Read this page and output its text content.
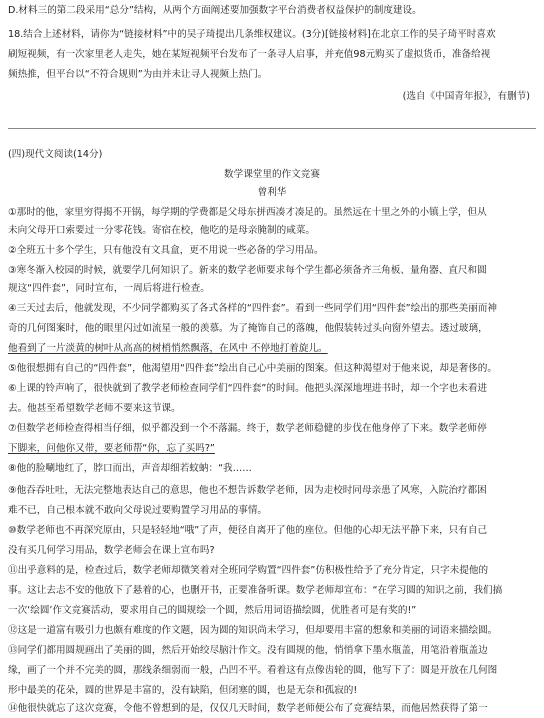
D.材料三的第二段采用“总分”结构，从两个方面阐述要加强数字平台消费者权益保护的制度建设。
18.结合上述材料，请你为“链接材料”中的吴子琦提出几条维权建议。(3分)[链接材料]在北京工作的吴子琦平时喜欢
刷短视频，有一次家里老人走失，她在某短视频平台发布了一条寻人启事，并充值98元购买了虚拟货币，准备给视
频热推，但平台以“不符合规则”为由并未让寻人视频上热门。
(选自《中国青年报》，有删节)
(四)现代文阅读(14分)
数学课堂里的作文竞赛
曾利华
①那时的他，家里穷得揭不开锅，每学期的学费都是父母东拼西凑才凑足的。虽然远在十里之外的小镇上学，但从
未向父母开口索要过一分零花钱。寄宿在校，他吃的是母亲腌制的咸菜。
②全班五十多个学生，只有他没有文具盒，更不用说一些必备的学习用品。
③寒冬渐入校园的时候，就要学几何知识了。新来的数学老师要求每个学生都必须备齐三角板、量角器、直尺和圆
规这“四件套”，同时宣布，一周后将进行检查。
④三天过去后，他就发现，不少同学都购买了各式各样的“四件套”。看到一些同学们用“四件套”绘出的那些美丽而神
奇的几何图案时，他的眼里闪过如流星一般的羡慕。为了掩饰自己的落魄，他假装转过头向窗外望去。透过玻璃，
他看到了一片淡黄的树叶从高高的树梢悄然飘落，在风中 不停地打着旋儿。
⑤他很想拥有自己的“四件套”，他渴望用“四件套”绘出自己心中美丽的图案。但这种渴望对于他来说，却是奢侈的。
⑥上课的铃声响了，很快就到了教学老师检查同学们“四件套”的时间。他把头深深地埋进书时，却一个字也未看进
去。他甚至希望数学老师不要来这节课。
⑦但数学老师检查得相当仔细，似乎都没到一个不落漏。终于，数学老师稳健的步伐在他身停了下来。数学老师停
下脚来，问他你又带，要老师帮“你，忘了买吗?”
⑧他的脸唰地红了，脖口而出，声音却细若蚊蚋：“我……
⑨他吞吞吐吐，无法完整地表达自己的意思，他也不想告诉数学老师，因为走校时同母亲患了风寒，入院治疗都困
难不已，自己根本就不敢向父母说过要购置学习用品的事情。
⑩数学老师也不再深究原由，只是轻轻地“哦”了声，便径自离开了他的座位。但他的心却无法平静下来，只有自己
没有买几何学习用品，数学老师会在课上宣布吗?
⑪出乎意料的是，检查过后，数学老师却微笑着对全班同学购置“四件套”仿积极性给予了充分肯定，只字未提他的
事。这让去忐不安的他放下了悬着的心，也删开书，正要准备听课。数学老师却宣布：“在学习圆的知识之前，我们搞
一次‘绘圆’作文竞赛活动，要求用自己的圆规绘一个圆，然后用词语描绘圆，优胜者可是有奖的!”
⑫这是一道富有吸引力也颇有难度的作文题，因为圆的知识尚未学习，但却要用丰富的想象和美丽的词语来描绘圆。
⑬同学们都用圆规画出了美丽的圆，然后开始绞尽脑汁作文。没有圆规的他，悄悄拿下墨水瓶盖，用笔沿着瓶盖边
缘，画了一个并不完美的圆，那线条细弱而一般，凸凹不平。看着这有点像齿轮的圆，他写下了：圆是开放在几何图
形中最美的花朵，圆的世界是丰富的，没有缺陷，但闭塞的圆，也是无奈和孤寂的!
⑭他很快就忘了这次竞赛，令他不曾想到的是，仅仅几天时间，数学老师便公布了竞赛结果，而他居然获得了第一
